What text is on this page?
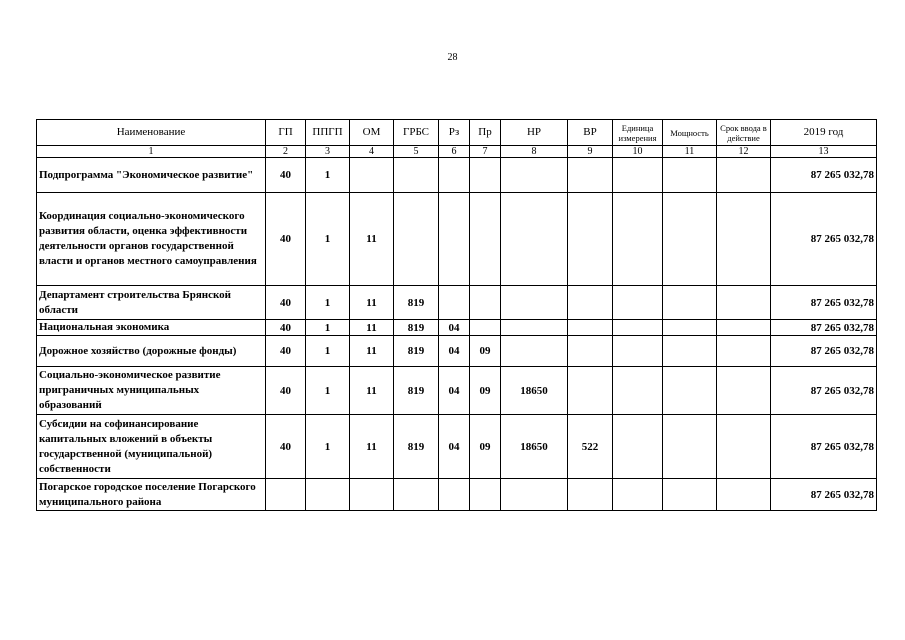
28
Наименование	ГП	ППГП	ОМ	ГРБС	Рз	Пр	НР	ВР	Единица измерения	Мощность	Срок ввода в действие	2019 год
1	2	3	4	5	6	7	8	9	10	11	12	13
Подпрограмма "Экономическое развитие"	40	1										87 265 032,78
Координация социально-экономического развития области, оценка эффективности деятельности органов государственной власти и органов местного самоуправления	40	1	11									87 265 032,78
Департамент строительства Брянской области	40	1	11	819								87 265 032,78
Национальная экономика	40	1	11	819	04							87 265 032,78
Дорожное хозяйство (дорожные фонды)	40	1	11	819	04	09						87 265 032,78
Социально-экономическое развитие приграничных муниципальных образований	40	1	11	819	04	09	18650					87 265 032,78
Субсидии на софинансирование капитальных вложений в объекты государственной (муниципальной) собственности	40	1	11	819	04	09	18650	522				87 265 032,78
Погарское городское поселение Погарского муниципального района												87 265 032,78
